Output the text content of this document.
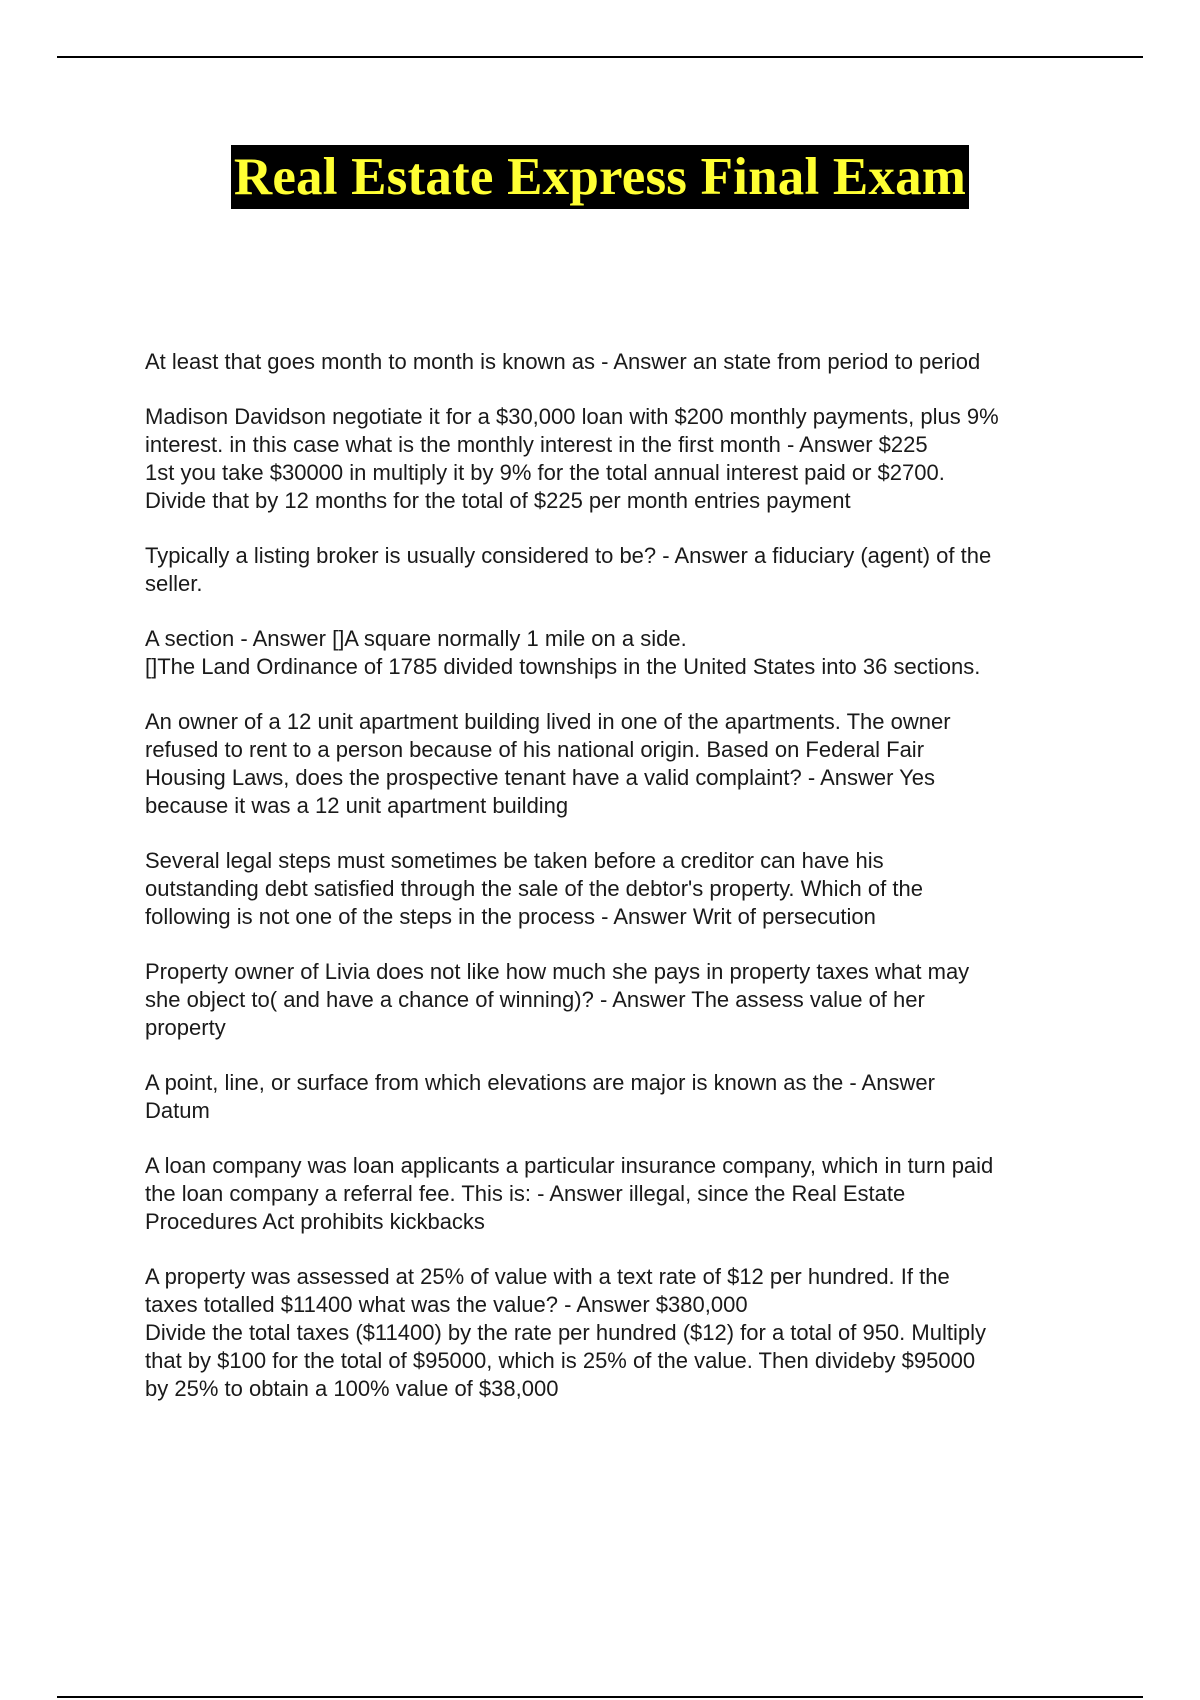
Real Estate Express Final Exam

At least that goes month to month is known as - Answer an state from period to period

Madison Davidson negotiate it for a $30,000 loan with $200 monthly payments, plus 9%
interest. in this case what is the monthly interest in the first month - Answer $225
1st you take $30000 in multiply it by 9% for the total annual interest paid or $2700.
Divide that by 12 months for the total of $225 per month entries payment

Typically a listing broker is usually considered to be? - Answer a fiduciary (agent) of the
seller.

A section - Answer []A square normally 1 mile on a side.
[]The Land Ordinance of 1785 divided townships in the United States into 36 sections.

An owner of a 12 unit apartment building lived in one of the apartments. The owner
refused to rent to a person because of his national origin. Based on Federal Fair
Housing Laws, does the prospective tenant have a valid complaint? - Answer Yes
because it was a 12 unit apartment building

Several legal steps must sometimes be taken before a creditor can have his
outstanding debt satisfied through the sale of the debtor's property. Which of the
following is not one of the steps in the process - Answer Writ of persecution

Property owner of Livia does not like how much she pays in property taxes what may
she object to( and have a chance of winning)? - Answer The assess value of her
property

A point, line, or surface from which elevations are major is known as the - Answer
Datum

A loan company was loan applicants a particular insurance company, which in turn paid
the loan company a referral fee. This is: - Answer illegal, since the Real Estate
Procedures Act prohibits kickbacks

A property was assessed at 25% of value with a text rate of $12 per hundred. If the
taxes totalled $11400 what was the value? - Answer $380,000
Divide the total taxes ($11400) by the rate per hundred ($12) for a total of 950. Multiply
that by $100 for the total of $95000, which is 25% of the value. Then divideby $95000
by 25% to obtain a 100% value of $38,000
